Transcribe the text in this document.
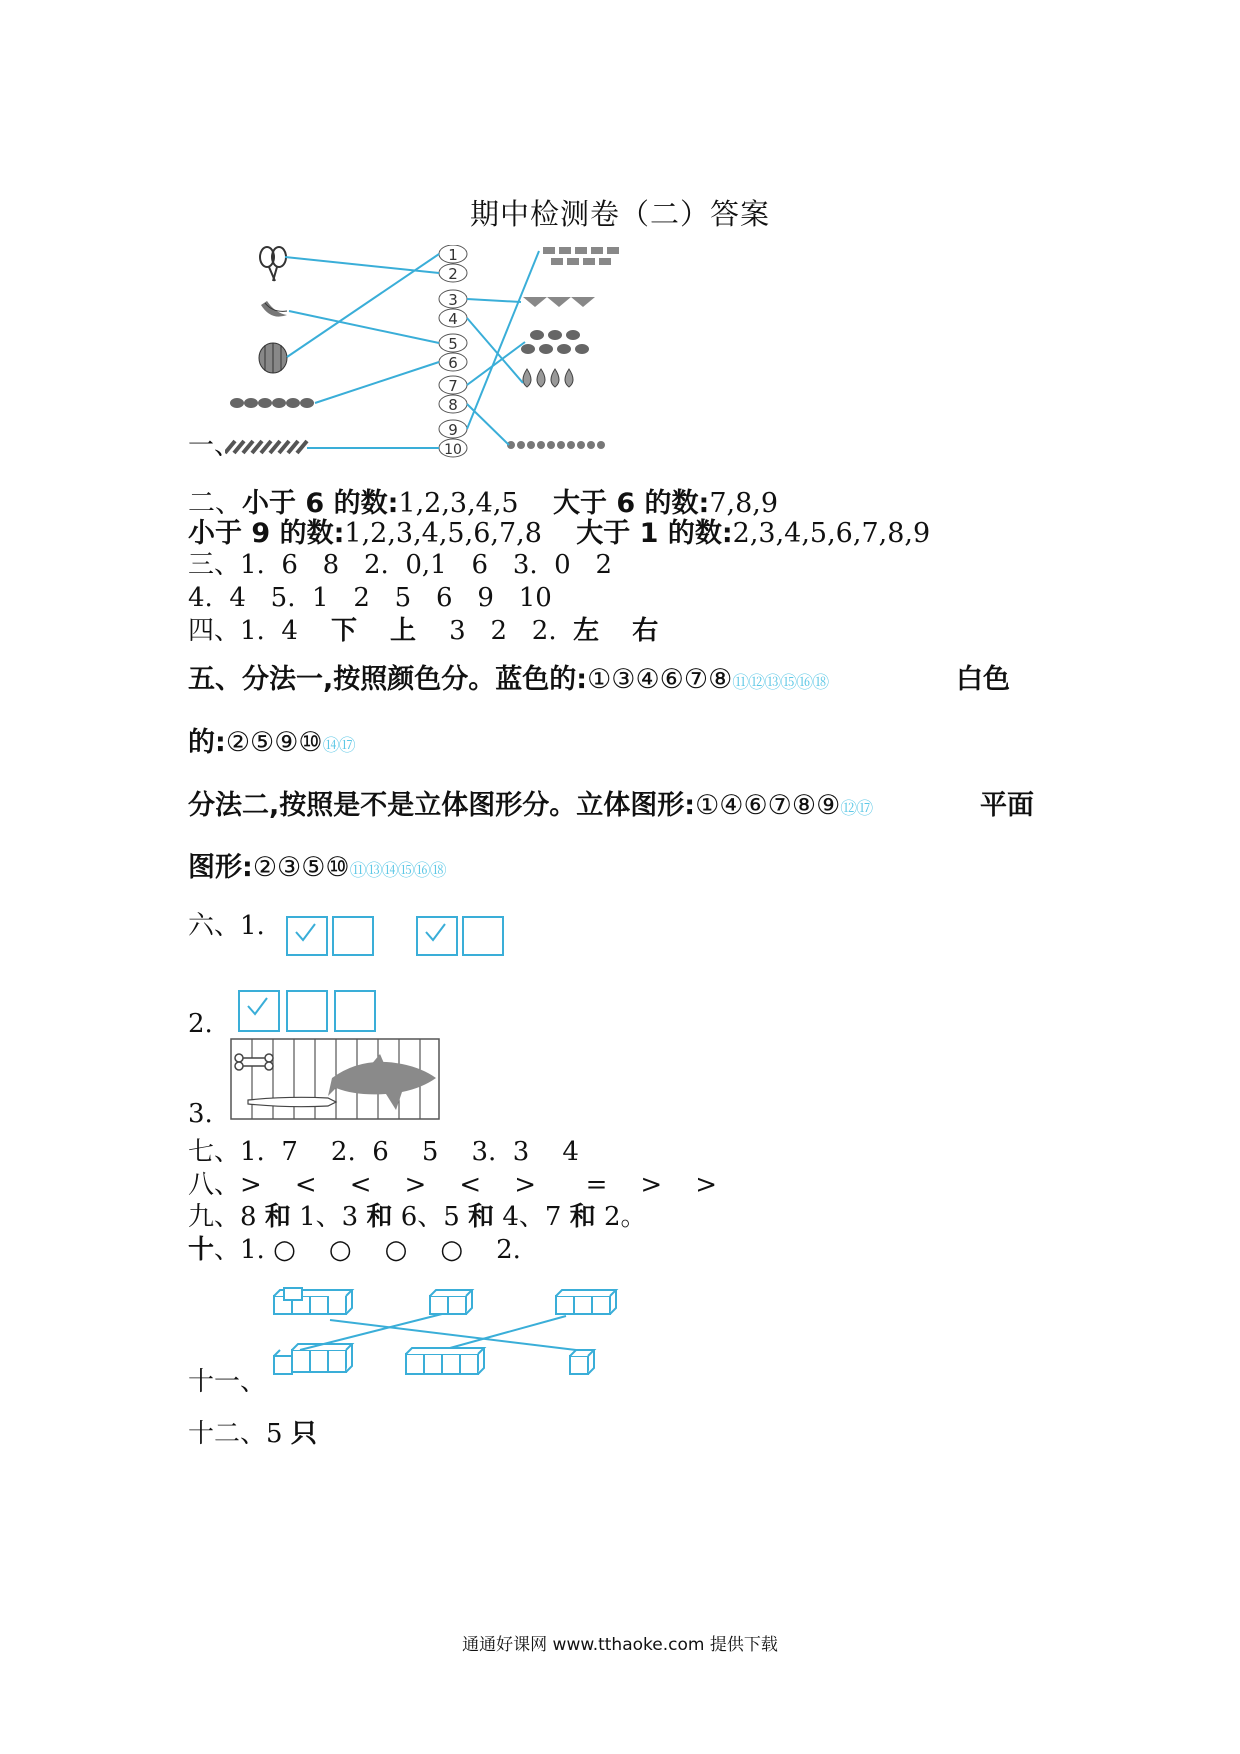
期中检测卷（二）答案
1
2
3
4
5
6
7
8
9
10
一、
二、小于 6 的数:1,2,3,4,5 大于 6 的数:7,8,9
小于 9 的数:1,2,3,4,5,6,7,8 大于 1 的数:2,3,4,5,6,7,8,9
三、1.  6   8   2.  0,1   6   3.  0   2
4.  4   5.  1   2   5   6   9   10
四、1.  4 下 上 3   2   2. 左 右
五、分法一,按照颜色分。蓝色的:①③④⑥⑦⑧⑪⑫⑬⑮⑯⑱	白色
的:②⑤⑨⑩⑭⑰
分法二,按照是不是立体图形分。立体图形:①④⑥⑦⑧⑨⑫⑰	平面
图形:②③⑤⑩⑪⑬⑭⑮⑯⑱
六、1.
2.
3.
七、1.  7    2.  6    5    3.  3    4
八、>    <    <    >    <    >      =    >    >
九、8 和 1、3 和 6、5 和 4、7 和 2。
十、1. ○    ○    ○    ○    2.
十一、
十二、5 只
通通好课网 www.tthaoke.com 提供下载
